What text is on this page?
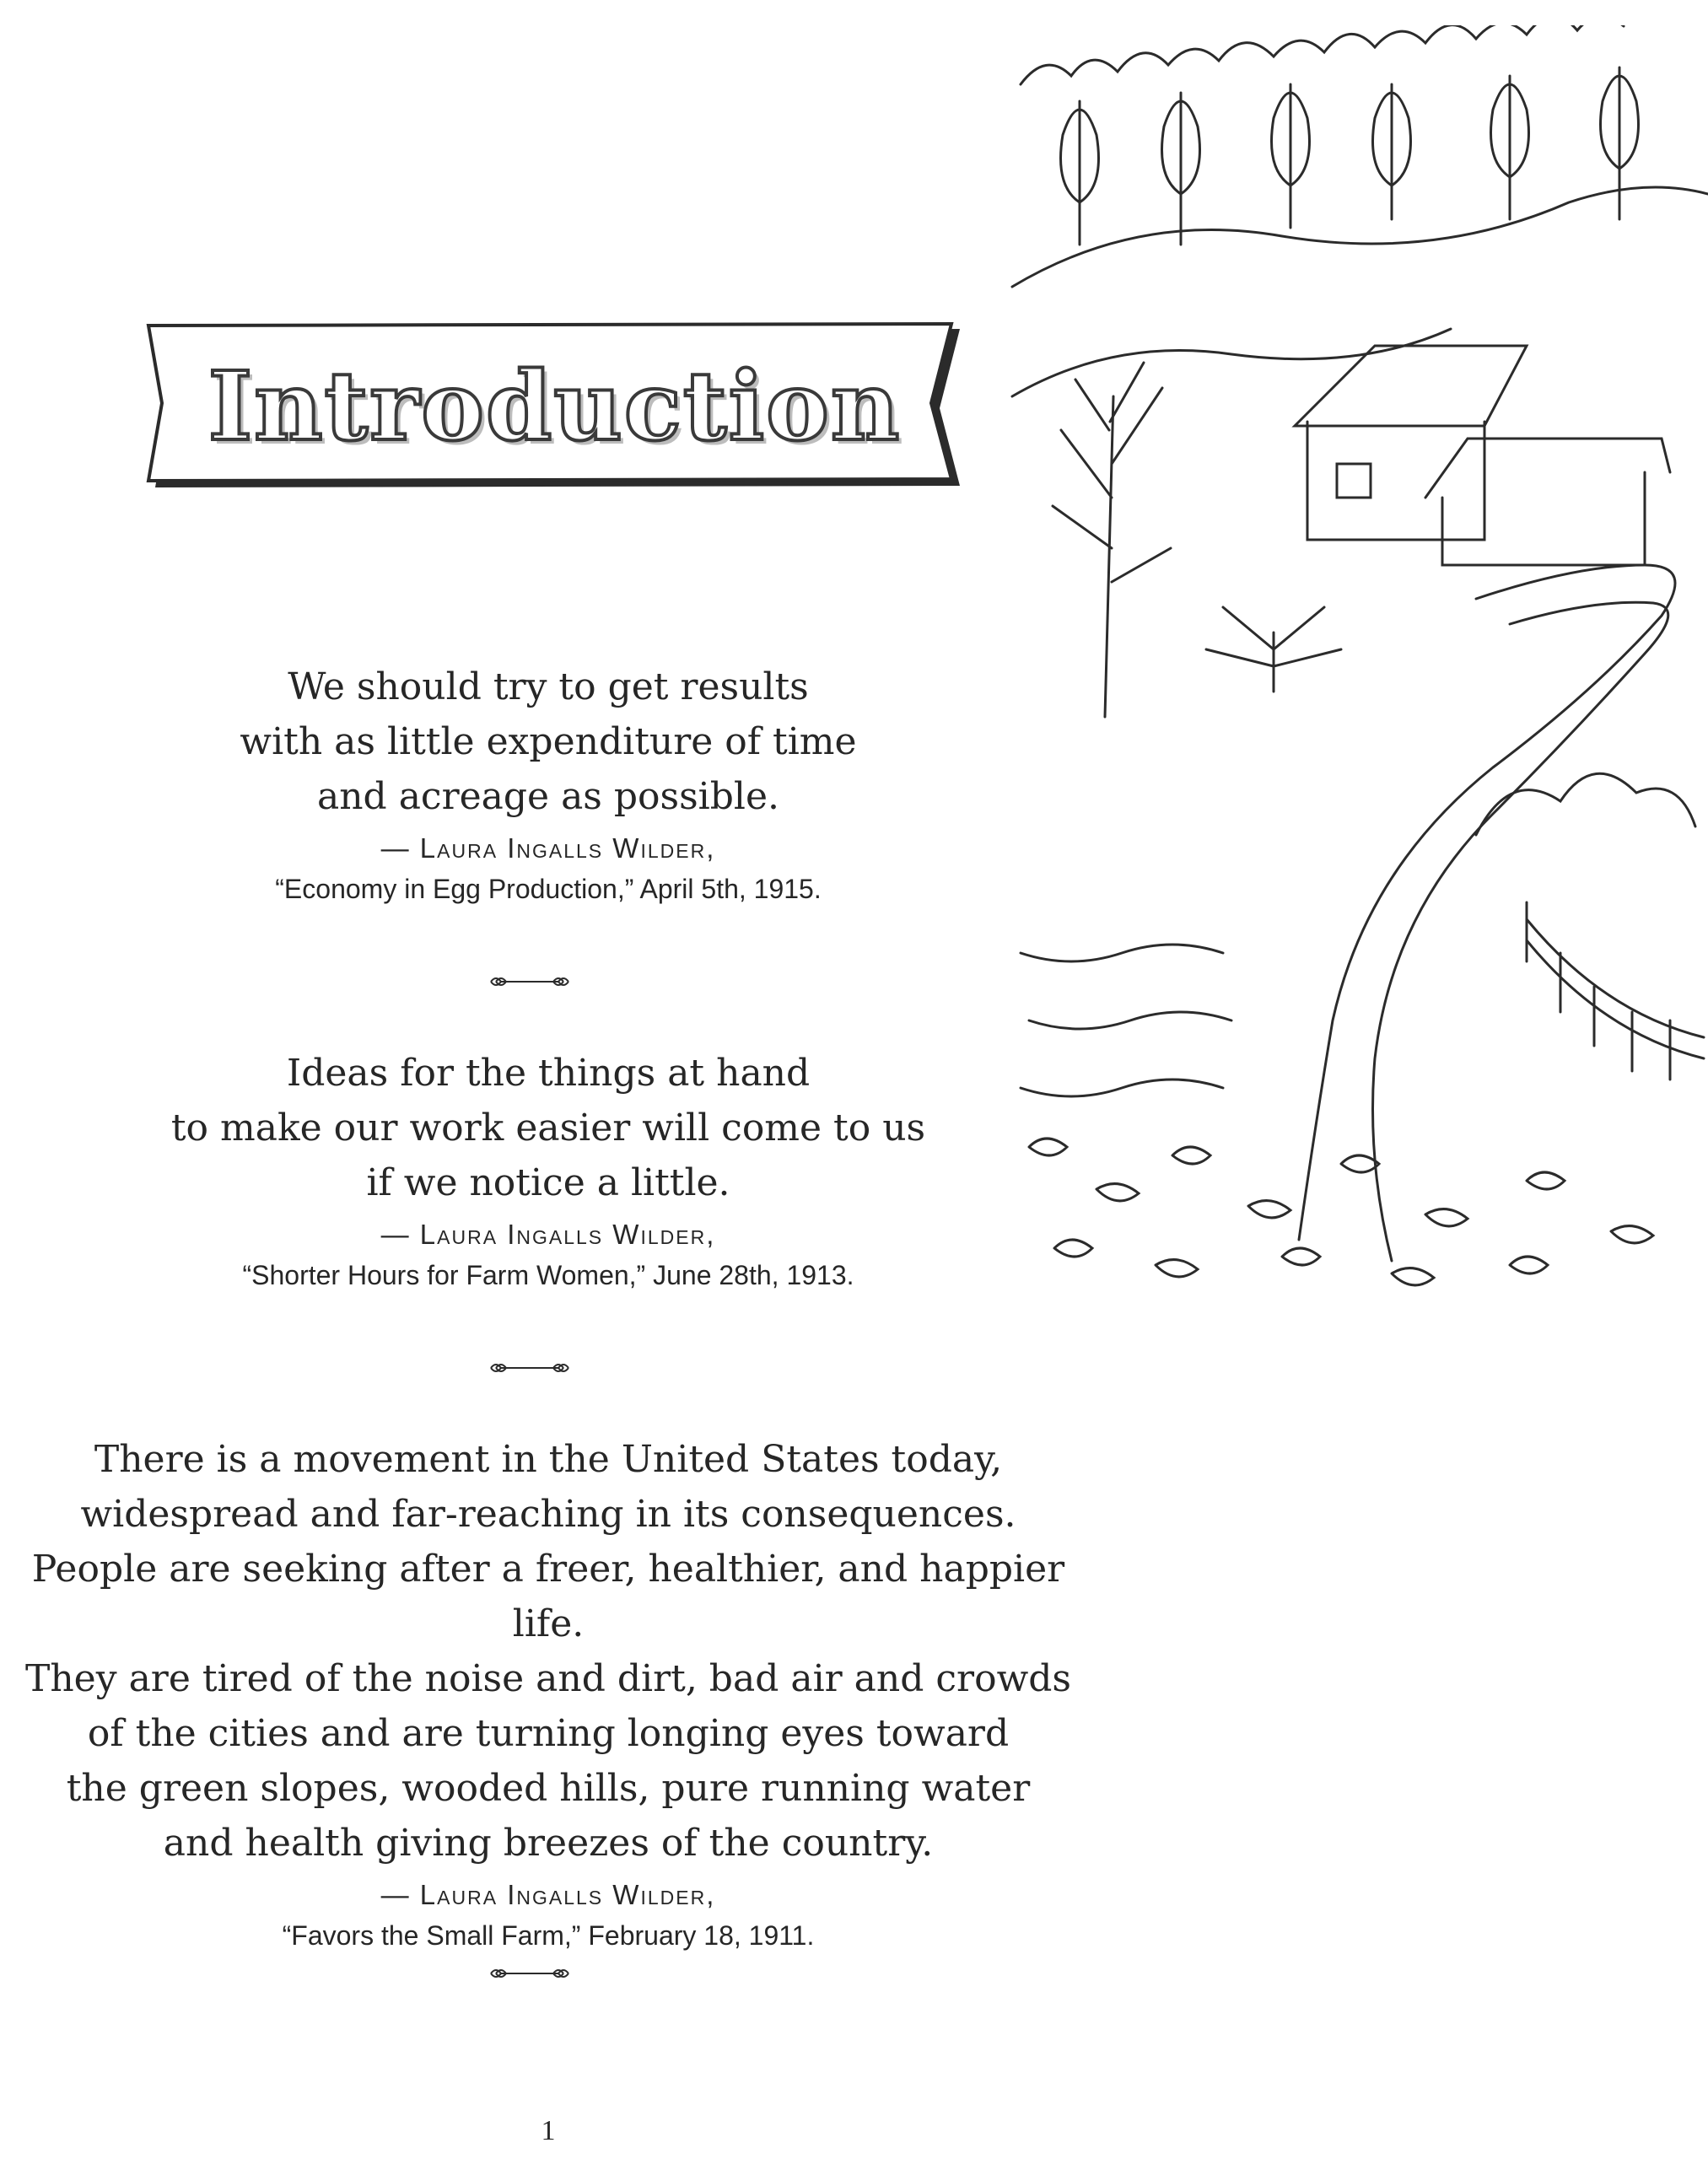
Introduction

We should try to get results
with as little expenditure of time
and acreage as possible.

— Laura Ingalls Wilder,
“Economy in Egg Production,” April 5th, 1915.

Ideas for the things at hand
to make our work easier will come to us
if we notice a little.

— Laura Ingalls Wilder,
“Shorter Hours for Farm Women,” June 28th, 1913.

There is a movement in the United States today,
widespread and far-reaching in its consequences.
People are seeking after a freer, healthier, and happier life.
They are tired of the noise and dirt, bad air and crowds
of the cities and are turning longing eyes toward
the green slopes, wooded hills, pure running water
and health giving breezes of the country.

— Laura Ingalls Wilder,
“Favors the Small Farm,” February 18, 1911.
1
